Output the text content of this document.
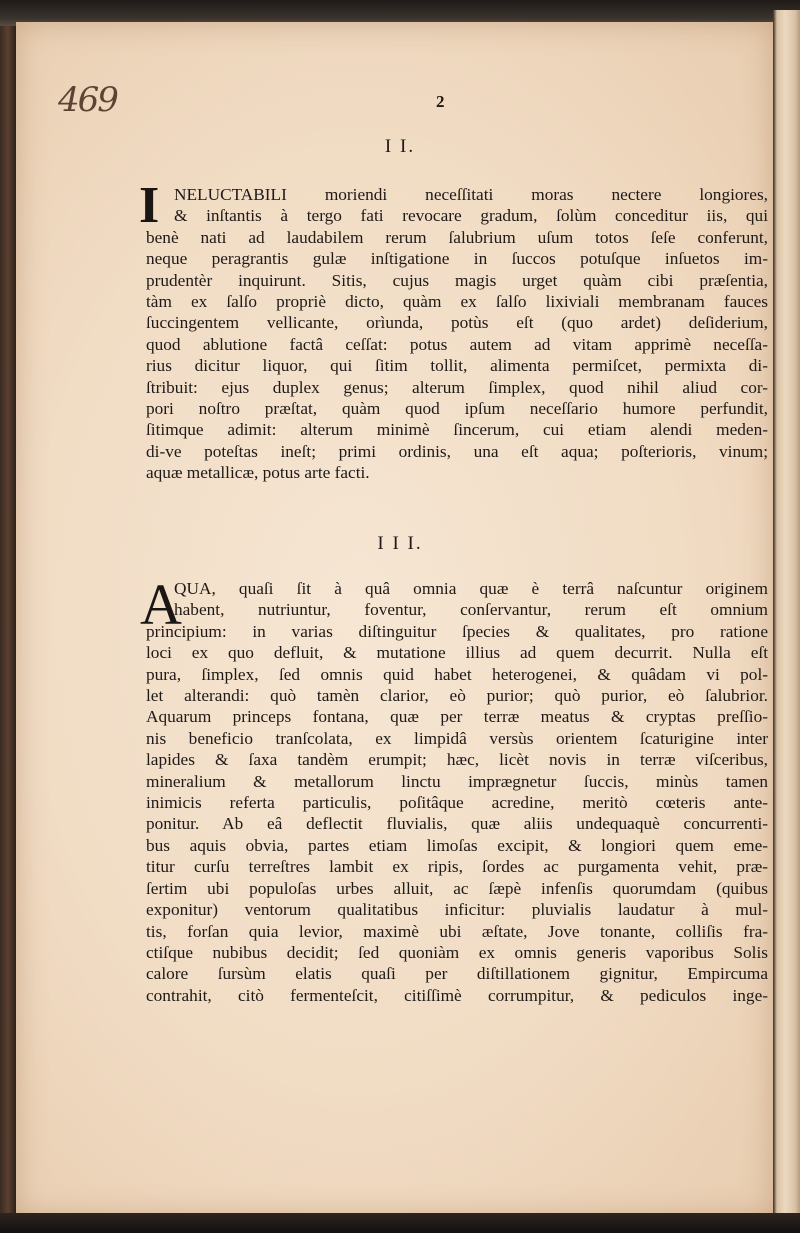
469	2
I I.
I NELUCTABILI moriendi neceſſitati moras nectere longiores,
& inſtantis à tergo fati revocare gradum, ſolùm conceditur iis, qui
benè nati ad laudabilem rerum ſalubrium uſum totos ſeſe conferunt,
neque peragrantis gulæ inſtigatione in ſuccos potuſque inſuetos im-
prudentèr inquirunt. Sitis, cujus magis urget quàm cibi præſentia,
tàm ex ſalſo propriè dicto, quàm ex ſalſo lixiviali membranam fauces
ſuccingentem vellicante, orìunda, potùs eſt (quo ardet) deſiderium,
quod ablutione factâ ceſſat: potus autem ad vitam apprimè neceſſa-
rius dicitur liquor, qui ſitim tollit, alimenta permiſcet, permixta di-
ſtribuit: ejus duplex genus; alterum ſimplex, quod nihil aliud cor-
pori noſtro præſtat, quàm quod ipſum neceſſario humore perfundit,
ſitimque adimit: alterum minimè ſincerum, cui etiam alendi meden-
di-ve poteſtas ineſt; primi ordinis, una eſt aqua; poſterioris, vinum;
aquæ metallicæ, potus arte facti.
I I I.
A
QUA, quaſi ſit à quâ omnia quæ è terrâ naſcuntur originem
habent, nutriuntur, foventur, conſervantur, rerum eſt omnium
principium: in varias diſtinguitur ſpecies & qualitates, pro ratione
loci ex quo defluit, & mutatione illius ad quem decurrit. Nulla eſt
pura, ſimplex, ſed omnis quid habet heterogenei, & quâdam vi pol-
let alterandi: quò tamèn clarior, eò purior; quò purior, eò ſalubrior.
Aquarum princeps fontana, quæ per terræ meatus & cryptas preſſio-
nis beneficio tranſcolata, ex limpidâ versùs orientem ſcaturigine inter
lapides & ſaxa tandèm erumpit; hæc, licèt novis in terræ viſceribus,
mineralium & metallorum linctu imprægnetur ſuccis, minùs tamen
inimicis referta particulis, poſitâque acredine, meritò cœteris ante-
ponitur. Ab eâ deflectit fluvialis, quæ aliis undequaquè concurrenti-
bus aquis obvia, partes etiam limoſas excipit, & longiori quem eme-
titur curſu terreſtres lambit ex ripis, ſordes ac purgamenta vehit, præ-
ſertim ubi populoſas urbes alluit, ac ſæpè infenſis quorumdam (quibus
exponitur) ventorum qualitatibus inficitur: pluvialis laudatur à mul-
tis, forſan quia levior, maximè ubi æſtate, Jove tonante, colliſis fra-
ctiſque nubibus decidit; ſed quoniàm ex omnis generis vaporibus Solis
calore ſursùm elatis quaſi per diſtillationem gignitur, Empircuma
contrahit, citò fermenteſcit, citiſſimè corrumpitur, & pediculos inge-
